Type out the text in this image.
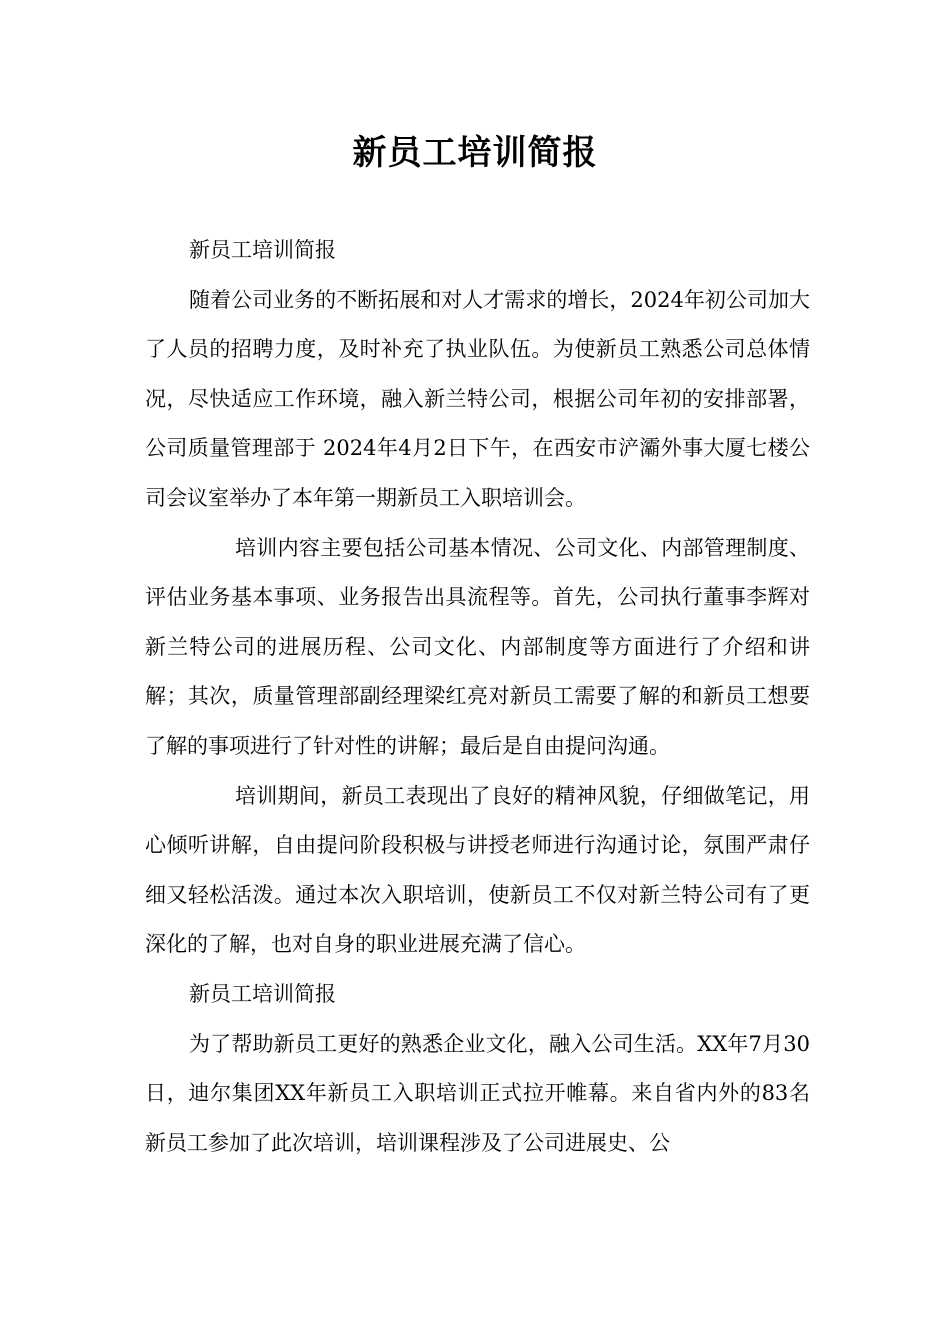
新员工培训简报

新员工培训简报

随着公司业务的不断拓展和对人才需求的增长，2024年初公司加大了人员的招聘力度，及时补充了执业队伍。为使新员工熟悉公司总体情况，尽快适应工作环境，融入新兰特公司，根据公司年初的安排部署，公司质量管理部于 2024年4月2日下午，在西安市浐灞外事大厦七楼公司会议室举办了本年第一期新员工入职培训会。

培训内容主要包括公司基本情况、公司文化、内部管理制度、评估业务基本事项、业务报告出具流程等。首先，公司执行董事李辉对新兰特公司的进展历程、公司文化、内部制度等方面进行了介绍和讲解；其次，质量管理部副经理梁红亮对新员工需要了解的和新员工想要了解的事项进行了针对性的讲解；最后是自由提问沟通。

培训期间，新员工表现出了良好的精神风貌，仔细做笔记，用心倾听讲解，自由提问阶段积极与讲授老师进行沟通讨论，氛围严肃仔细又轻松活泼。通过本次入职培训，使新员工不仅对新兰特公司有了更深化的了解，也对自身的职业进展充满了信心。

新员工培训简报

为了帮助新员工更好的熟悉企业文化，融入公司生活。XX年7月30日，迪尔集团XX年新员工入职培训正式拉开帷幕。来自省内外的83名新员工参加了此次培训，培训课程涉及了公司进展史、公
